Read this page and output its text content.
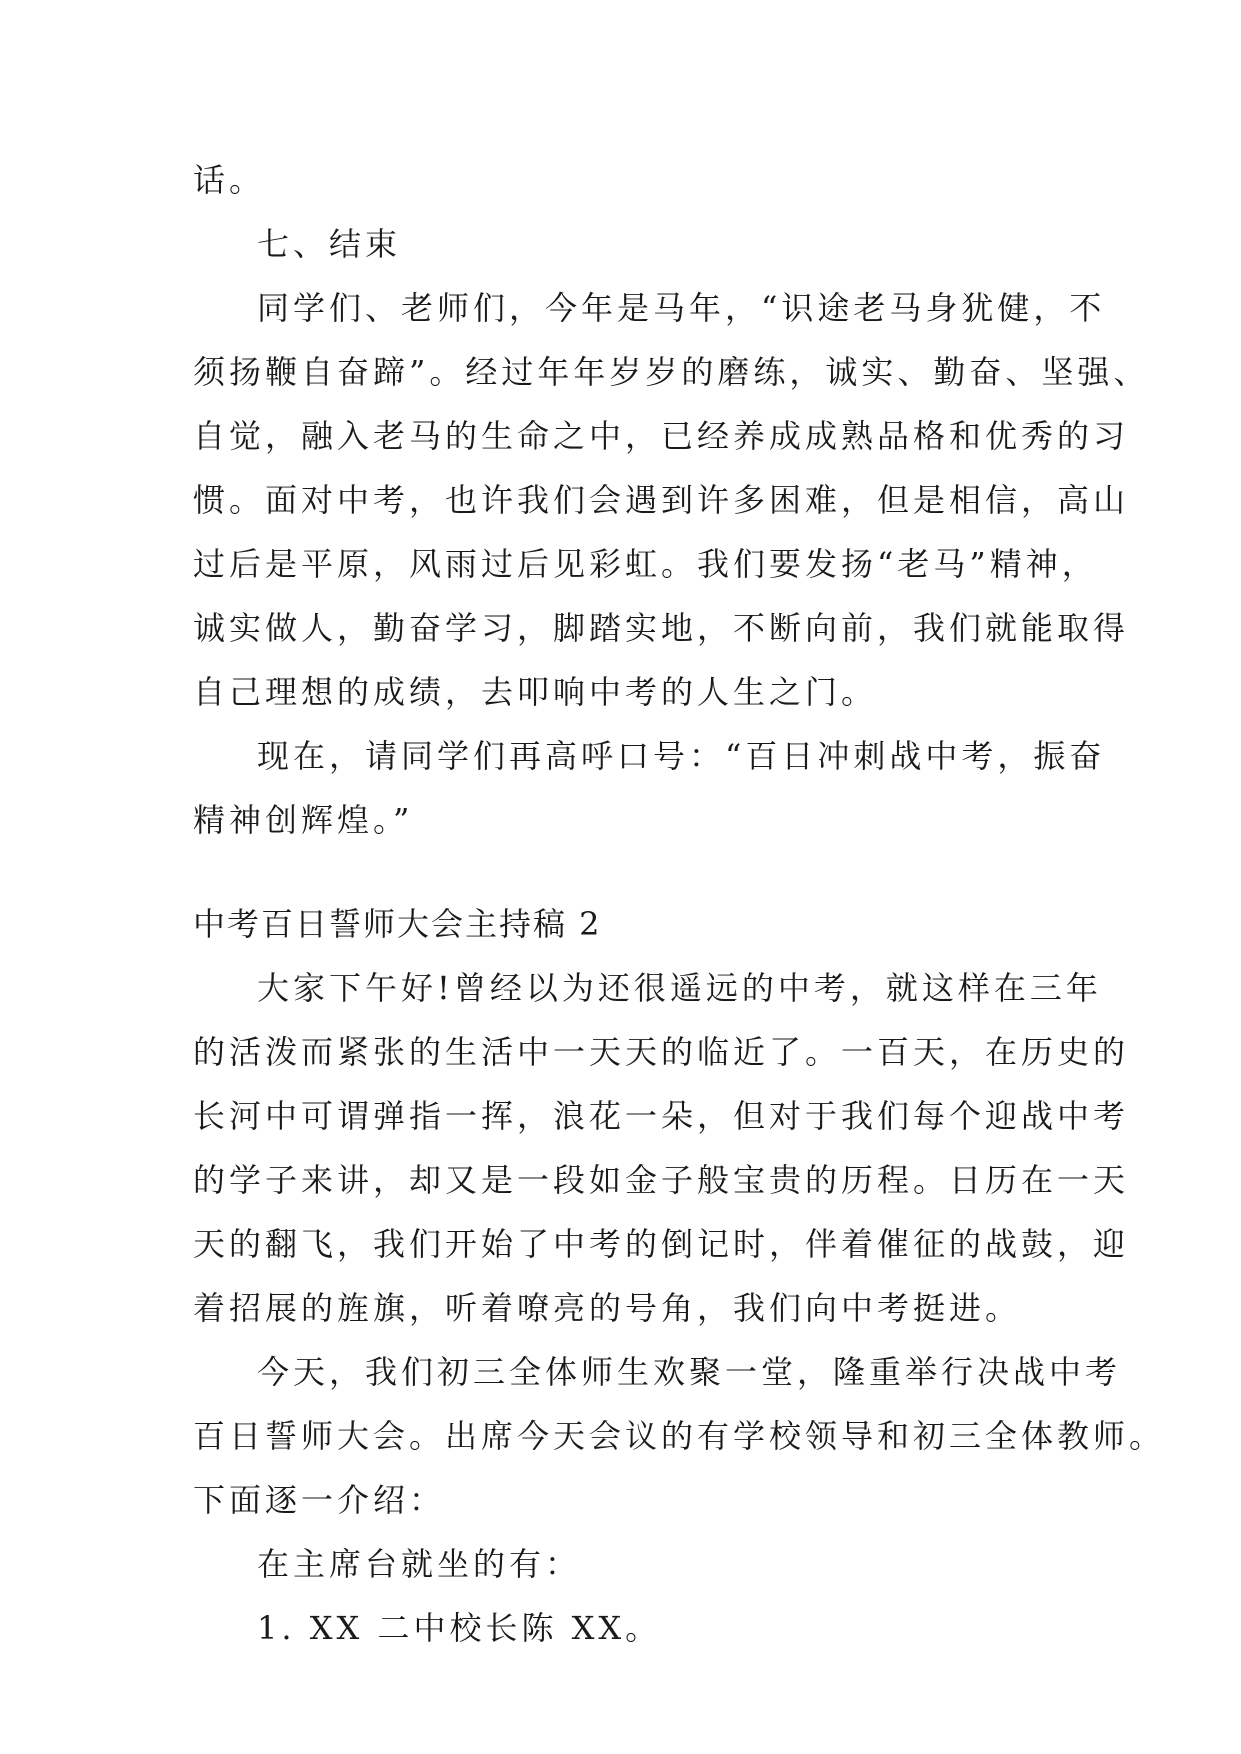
话。
七、结束
同学们、老师们，今年是马年，“识途老马身犹健，不
须扬鞭自奋蹄”。经过年年岁岁的磨练，诚实、勤奋、坚强、
自觉，融入老马的生命之中，已经养成成熟品格和优秀的习
惯。面对中考，也许我们会遇到许多困难，但是相信，高山
过后是平原，风雨过后见彩虹。我们要发扬“老马”精神，
诚实做人，勤奋学习，脚踏实地，不断向前，我们就能取得
自己理想的成绩，去叩响中考的人生之门。
现在，请同学们再高呼口号：“百日冲刺战中考，振奋
精神创辉煌。”
中考百日誓师大会主持稿 2
大家下午好!曾经以为还很遥远的中考，就这样在三年
的活泼而紧张的生活中一天天的临近了。一百天，在历史的
长河中可谓弹指一挥，浪花一朵，但对于我们每个迎战中考
的学子来讲，却又是一段如金子般宝贵的历程。日历在一天
天的翻飞，我们开始了中考的倒记时，伴着催征的战鼓，迎
着招展的旌旗，听着嘹亮的号角，我们向中考挺进。
今天，我们初三全体师生欢聚一堂，隆重举行决战中考
百日誓师大会。出席今天会议的有学校领导和初三全体教师。
下面逐一介绍：
在主席台就坐的有：
1. XX 二中校长陈 XX。
